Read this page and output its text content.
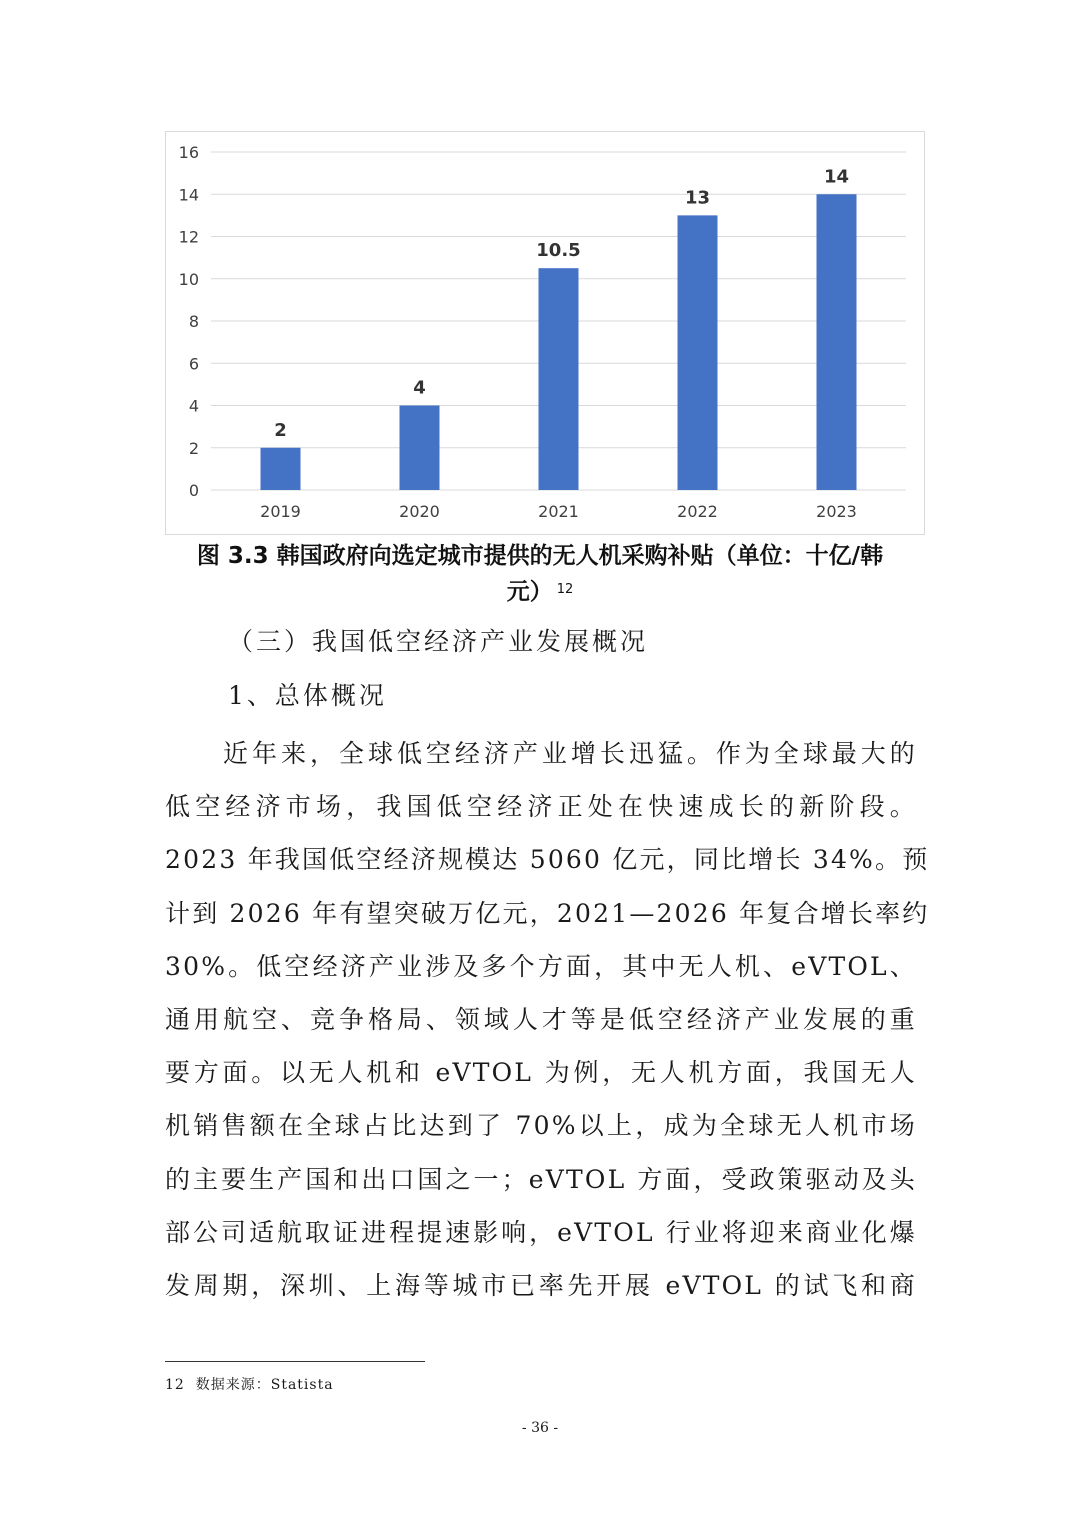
0
2
4
6
8
10
12
14
16
2
2019
4
2020
10.5
2021
13
2022
14
2023
图 3.3 韩国政府向选定城市提供的无人机采购补贴（单位：十亿/韩
元） $^{12}$
（三）我国低空经济产业发展概况
1、总体概况
近年来，全球低空经济产业增长迅猛。作为全球最大的
低空经济市场，我国低空经济正处在快速成长的新阶段。
2023 年我国低空经济规模达 5060 亿元，同比增长 34%。预
计到 2026 年有望突破万亿元，2021—2026 年复合增长率约
30%。低空经济产业涉及多个方面，其中无人机、eVTOL、
通用航空、竞争格局、领域人才等是低空经济产业发展的重
要方面。以无人机和 eVTOL 为例，无人机方面，我国无人
机销售额在全球占比达到了 70%以上，成为全球无人机市场
的主要生产国和出口国之一；eVTOL 方面，受政策驱动及头
部公司适航取证进程提速影响，eVTOL 行业将迎来商业化爆
发周期，深圳、上海等城市已率先开展 eVTOL 的试飞和商
12 数据来源：Statista
- 36 -
